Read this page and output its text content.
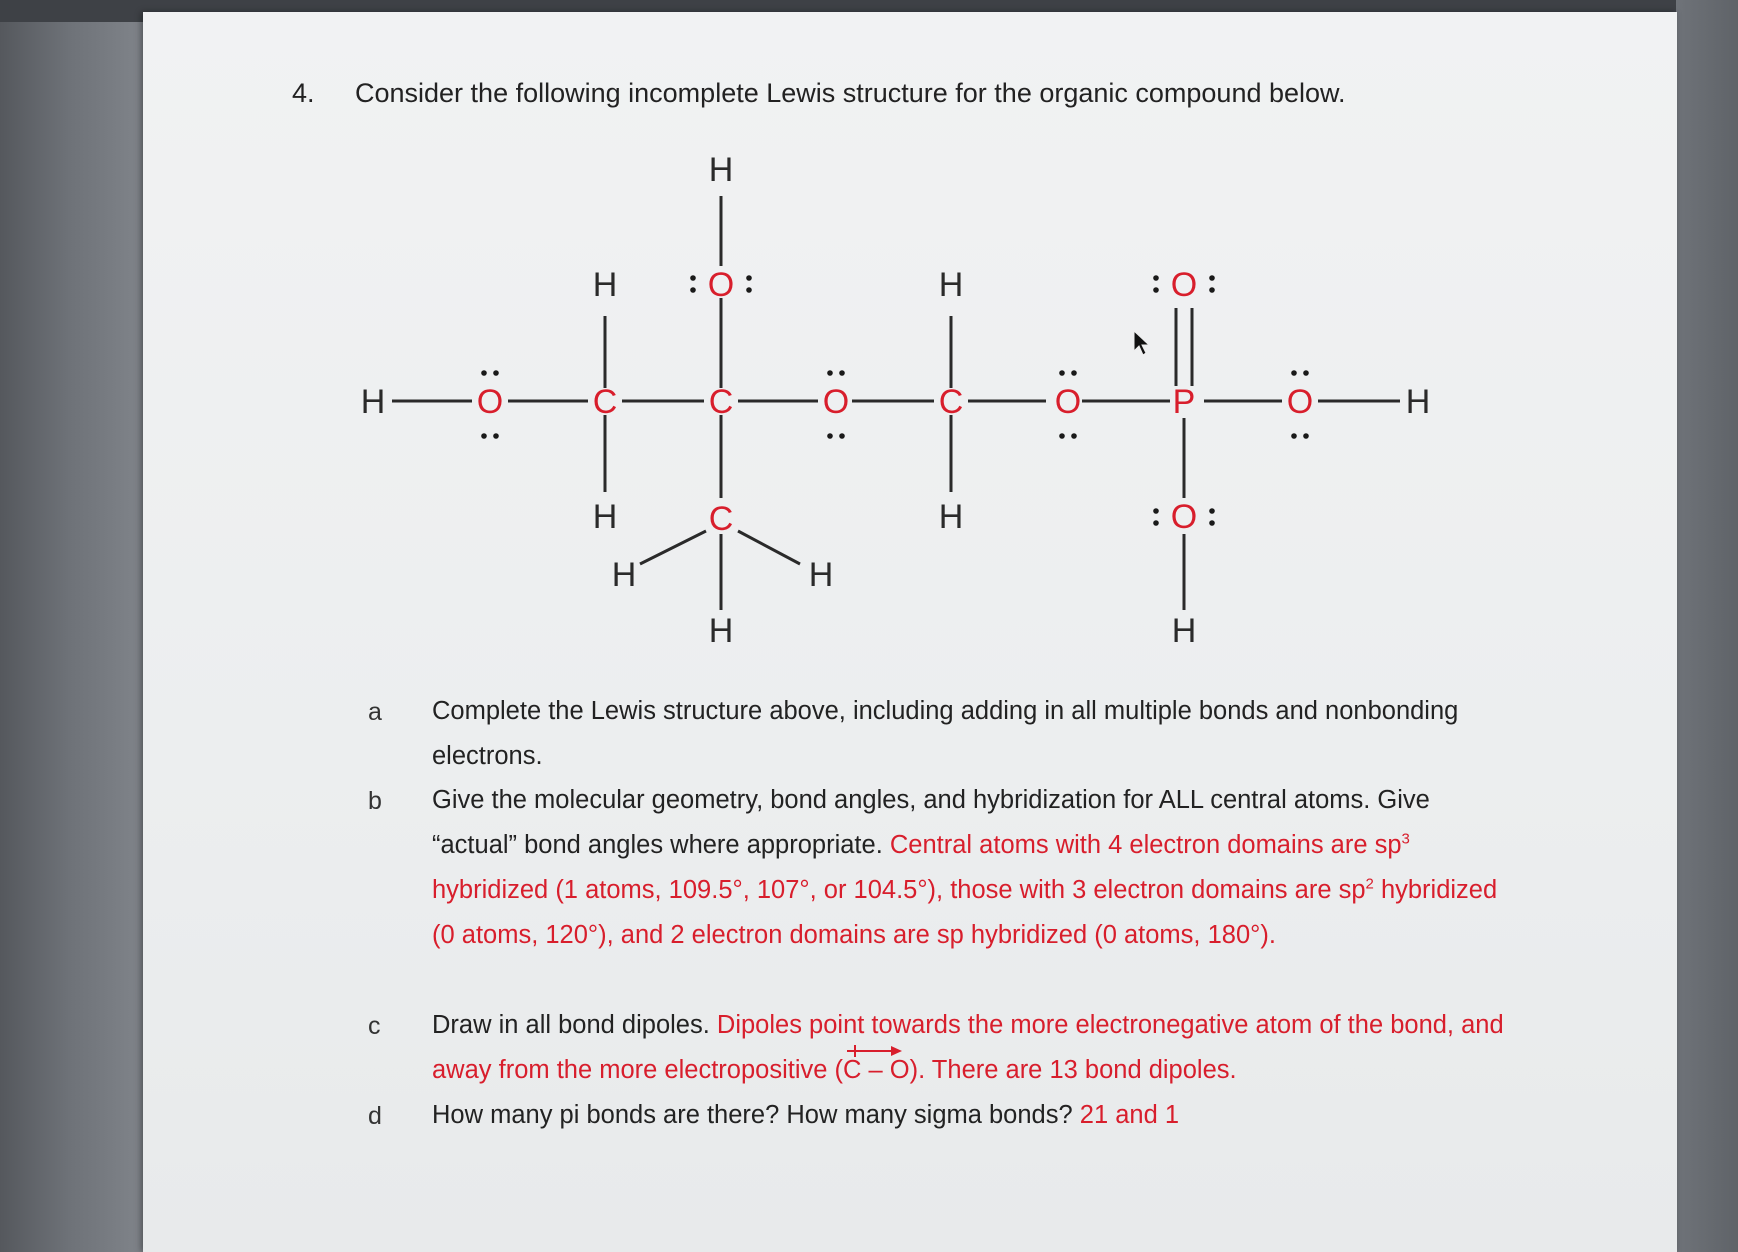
4. Consider the following incomplete Lewis structure for the organic compound below.
H	O	C	C	O	C	O	P	O	H
H
H
H
O
C
H	H
H
H
H
O
O
H
a Complete the Lewis structure above, including adding in all multiple bonds and nonbonding electrons.
b Give the molecular geometry, bond angles, and hybridization for ALL central atoms. Give “actual” bond angles where appropriate. Central atoms with 4 electron domains are $sp^3$ hybridized (1 atoms, 109.5°, 107°, or 104.5°), those with 3 electron domains are $sp^2$ hybridized (0 atoms, 120°), and 2 electron domains are sp hybridized (0 atoms, 180°).
c Draw in all bond dipoles. Dipoles point towards the more electronegative atom of the bond, and away from the more electropositive (
C – O). There are 13 bond dipoles.
d How many pi bonds are there? How many sigma bonds? 21 and 1
